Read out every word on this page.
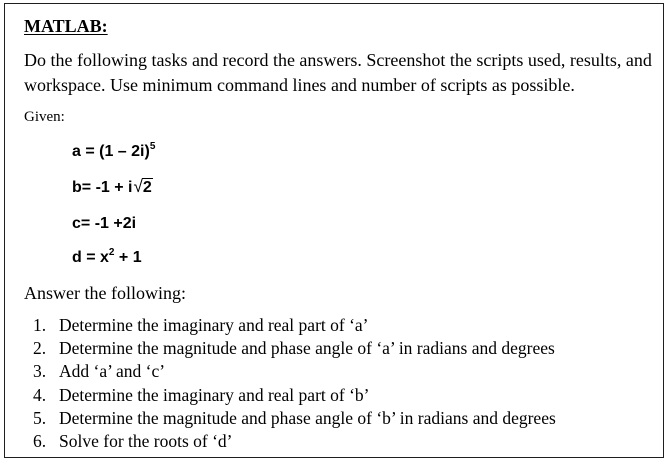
MATLAB:

Do the following tasks and record the answers. Screenshot the scripts used, results, and workspace. Use minimum command lines and number of scripts as possible.

Given:
a = (1 – 2i)$^5$
b= -1 + i√2
c= -1 +2i
$d = x^2 + 1$
Answer the following:
1. Determine the imaginary and real part of ‘a’
2. Determine the magnitude and phase angle of ‘a’ in radians and degrees
3. Add ‘a’ and ‘c’
4. Determine the imaginary and real part of ‘b’
5. Determine the magnitude and phase angle of ‘b’ in radians and degrees
6. Solve for the roots of ‘d’
